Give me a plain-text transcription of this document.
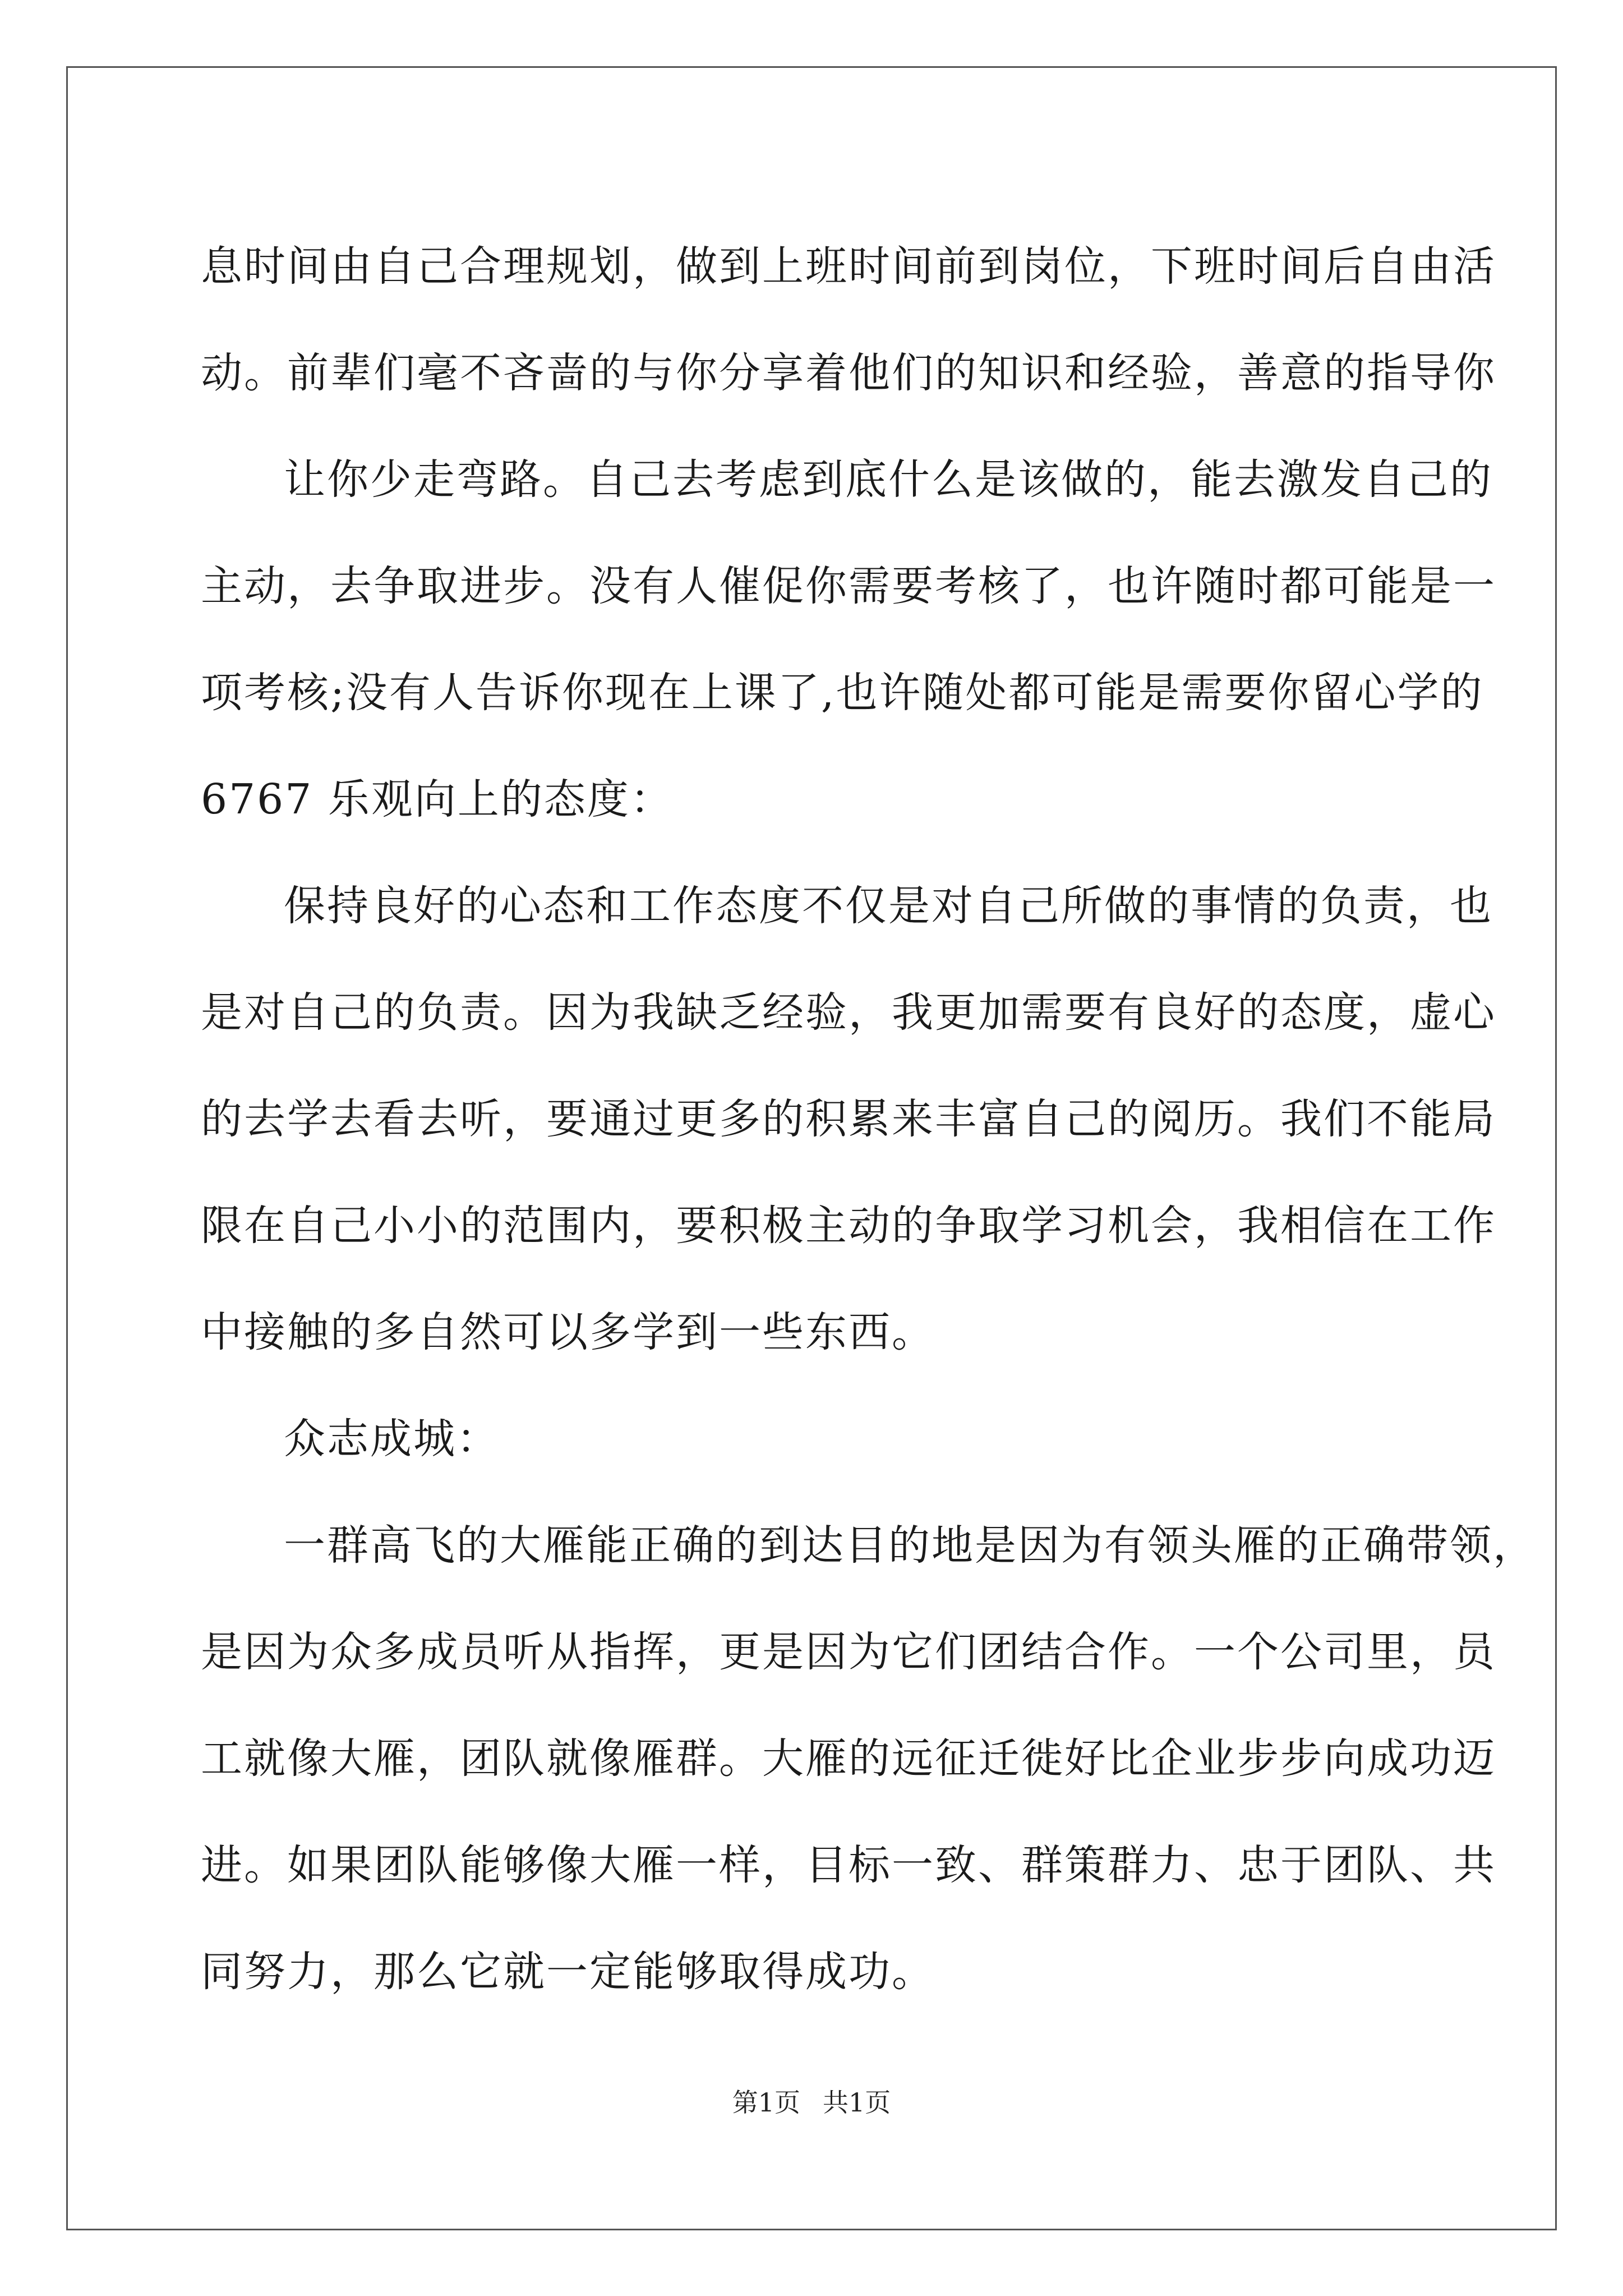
息时间由自己合理规划，做到上班时间前到岗位，下班时间后自由活
动。前辈们毫不吝啬的与你分享着他们的知识和经验，善意的指导你
让你少走弯路。自己去考虑到底什么是该做的，能去激发自己的
主动，去争取进步。没有人催促你需要考核了，也许随时都可能是一
项考核;没有人告诉你现在上课了,也许随处都可能是需要你留心学的
6767 乐观向上的态度：
保持良好的心态和工作态度不仅是对自己所做的事情的负责，也
是对自己的负责。因为我缺乏经验，我更加需要有良好的态度，虚心
的去学去看去听，要通过更多的积累来丰富自己的阅历。我们不能局
限在自己小小的范围内，要积极主动的争取学习机会，我相信在工作
中接触的多自然可以多学到一些东西。
众志成城：
一群高飞的大雁能正确的到达目的地是因为有领头雁的正确带领，
是因为众多成员听从指挥，更是因为它们团结合作。一个公司里，员
工就像大雁，团队就像雁群。大雁的远征迁徙好比企业步步向成功迈
进。如果团队能够像大雁一样，目标一致、群策群力、忠于团队、共
同努力，那么它就一定能够取得成功。
第1页 共1页
